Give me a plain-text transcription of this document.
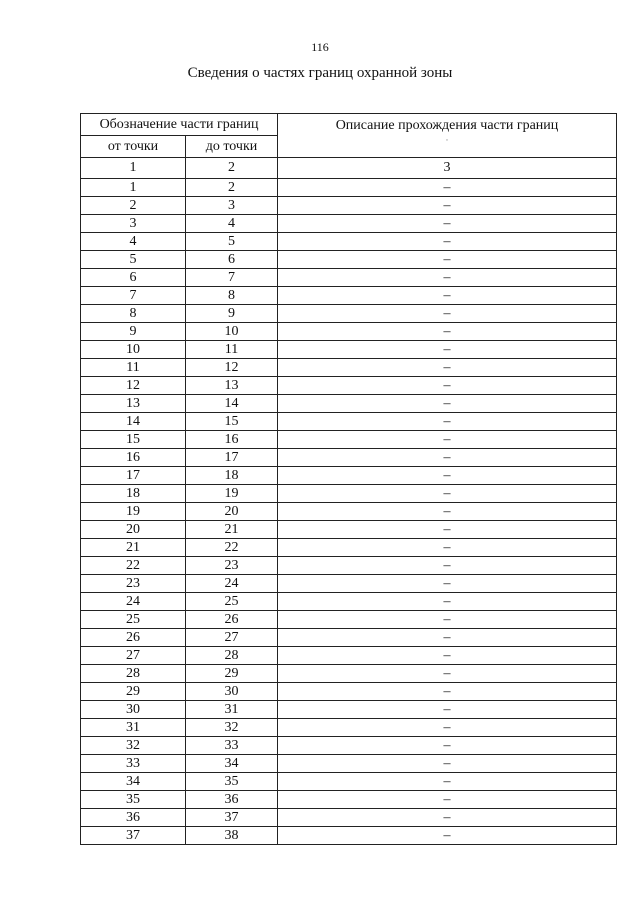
116
Сведения о частях границ охранной зоны
Обозначение части границ		Описание прохождения части границ
·

от точки	до точки	
1	2	3
1	2	–
2	3	–
3	4	–
4	5	–
5	6	–
6	7	–
7	8	–
8	9	–
9	10	–
10	11	–
11	12	–
12	13	–
13	14	–
14	15	–
15	16	–
16	17	–
17	18	–
18	19	–
19	20	–
20	21	–
21	22	–
22	23	–
23	24	–
24	25	–
25	26	–
26	27	–
27	28	–
28	29	–
29	30	–
30	31	–
31	32	–
32	33	–
33	34	–
34	35	–
35	36	–
36	37	–
37	38	–
